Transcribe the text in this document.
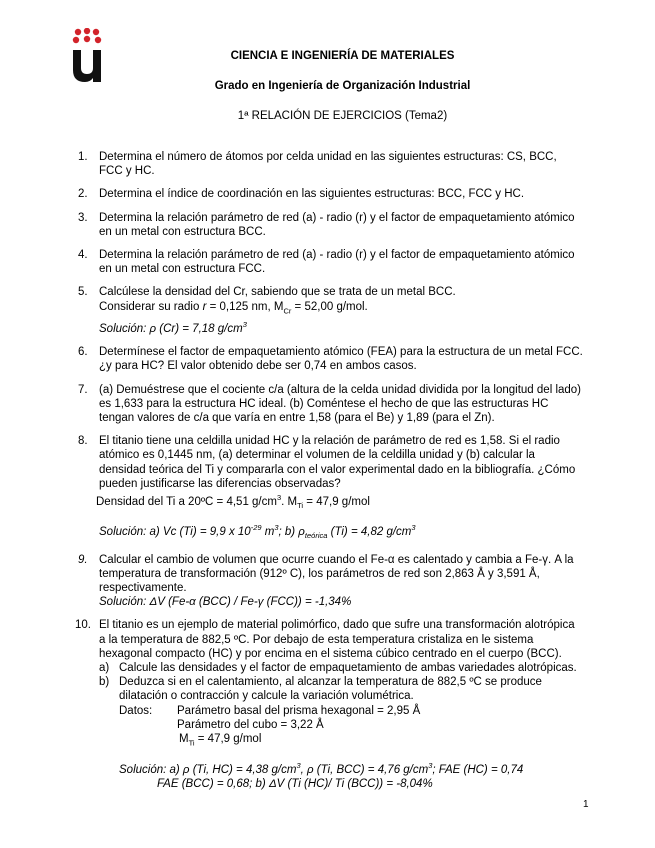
CIENCIA E INGENIERÍA DE MATERIALES
Grado en Ingeniería de Organización Industrial
1ª RELACIÓN DE EJERCICIOS (Tema2)
1. Determina el número de átomos por celda unidad en las siguientes estructuras: CS, BCC,
FCC y HC.
2. Determina el índice de coordinación en las siguientes estructuras: BCC, FCC y HC.
3. Determina la relación parámetro de red (a) - radio (r) y el factor de empaquetamiento atómico
en un metal con estructura BCC.
4. Determina la relación parámetro de red (a) - radio (r) y el factor de empaquetamiento atómico
en un metal con estructura FCC.
5. Calcúlese la densidad del Cr, sabiendo que se trata de un metal BCC.
Considerar su radio r = 0,125 nm, $M_{Cr} = 52,00$ g/mol.
Solución: ρ (Cr) = 7,18 $g/cm^3$
6. Determínese el factor de empaquetamiento atómico (FEA) para la estructura de un metal FCC.
¿y para HC? El valor obtenido debe ser 0,74 en ambos casos.
7. (a) Demuéstrese que el cociente c/a (altura de la celda unidad dividida por la longitud del lado)
es 1,633 para la estructura HC ideal. (b) Coméntese el hecho de que las estructuras HC
tengan valores de c/a que varía en entre 1,58 (para el Be) y 1,89 (para el Zn).
8. El titanio tiene una celdilla unidad HC y la relación de parámetro de red es 1,58. Si el radio
atómico es 0,1445 nm, (a) determinar el volumen de la celdilla unidad y (b) calcular la
densidad teórica del Ti y compararla con el valor experimental dado en la bibliografía. ¿Cómo
pueden justificarse las diferencias observadas?
Densidad del Ti a 20ºC = 4,51 $g/cm^3$. $M_{Ti} = 47,9$ g/mol
Solución: a) Vc (Ti) = 9,9 x $10^{-29}$ $m^3$; b) $\rho_{teórica}$ (Ti) = 4,82 $g/cm^3$
9. Calcular el cambio de volumen que ocurre cuando el Fe-α es calentado y cambia a Fe-γ. A la
temperatura de transformación (912º C), los parámetros de red son 2,863 Å y 3,591 Å,
respectivamente.
Solución: ΔV (Fe-α (BCC) / Fe-γ (FCC)) = -1,34%
10. El titanio es un ejemplo de material polimórfico, dado que sufre una transformación alotrópica
a la temperatura de 882,5 ºC. Por debajo de esta temperatura cristaliza en le sistema
hexagonal compacto (HC) y por encima en el sistema cúbico centrado en el cuerpo (BCC).
a) Calcule las densidades y el factor de empaquetamiento de ambas variedades alotrópicas.
b) Deduzca si en el calentamiento, al alcanzar la temperatura de 882,5 ºC se produce
dilatación o contracción y calcule la variación volumétrica.
Datos: Parámetro basal del prisma hexagonal = 2,95 Å
Parámetro del cubo = 3,22 Å
$M_{Ti} = 47,9$ g/mol
Solución: a) ρ (Ti, HC) = 4,38 $g/cm^3$, ρ (Ti, BCC) = 4,76 $g/cm^3$; FAE (HC) = 0,74
FAE (BCC) = 0,68; b) ΔV (Ti (HC)/ Ti (BCC)) = -8,04%
1
